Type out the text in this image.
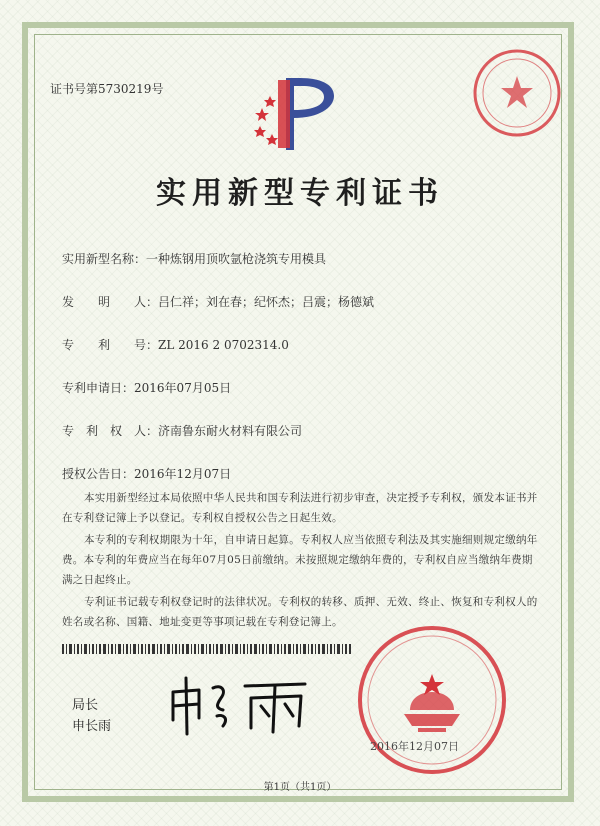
证书号第5730219号
实用新型专利证书
实用新型名称：一种炼钢用顶吹氩枪浇筑专用模具
发　　明　　人：吕仁祥；刘在春；纪怀杰；吕震；杨德斌
专　　利　　号：ZL 2016 2 0702314.0
专利申请日：2016年07月05日
专　利　权　人：济南鲁东耐火材料有限公司
授权公告日：2016年12月07日
本实用新型经过本局依照中华人民共和国专利法进行初步审查，决定授予专利权，颁发本证书并在专利登记簿上予以登记。专利权自授权公告之日起生效。
本专利的专利权期限为十年，自申请日起算。专利权人应当依照专利法及其实施细则规定缴纳年费。本专利的年费应当在每年07月05日前缴纳。未按照规定缴纳年费的，专利权自应当缴纳年费期满之日起终止。
专利证书记载专利权登记时的法律状况。专利权的转移、质押、无效、终止、恢复和专利权人的姓名或名称、国籍、地址变更等事项记载在专利登记簿上。
局长
申长雨
2016年12月07日
第1页（共1页）
